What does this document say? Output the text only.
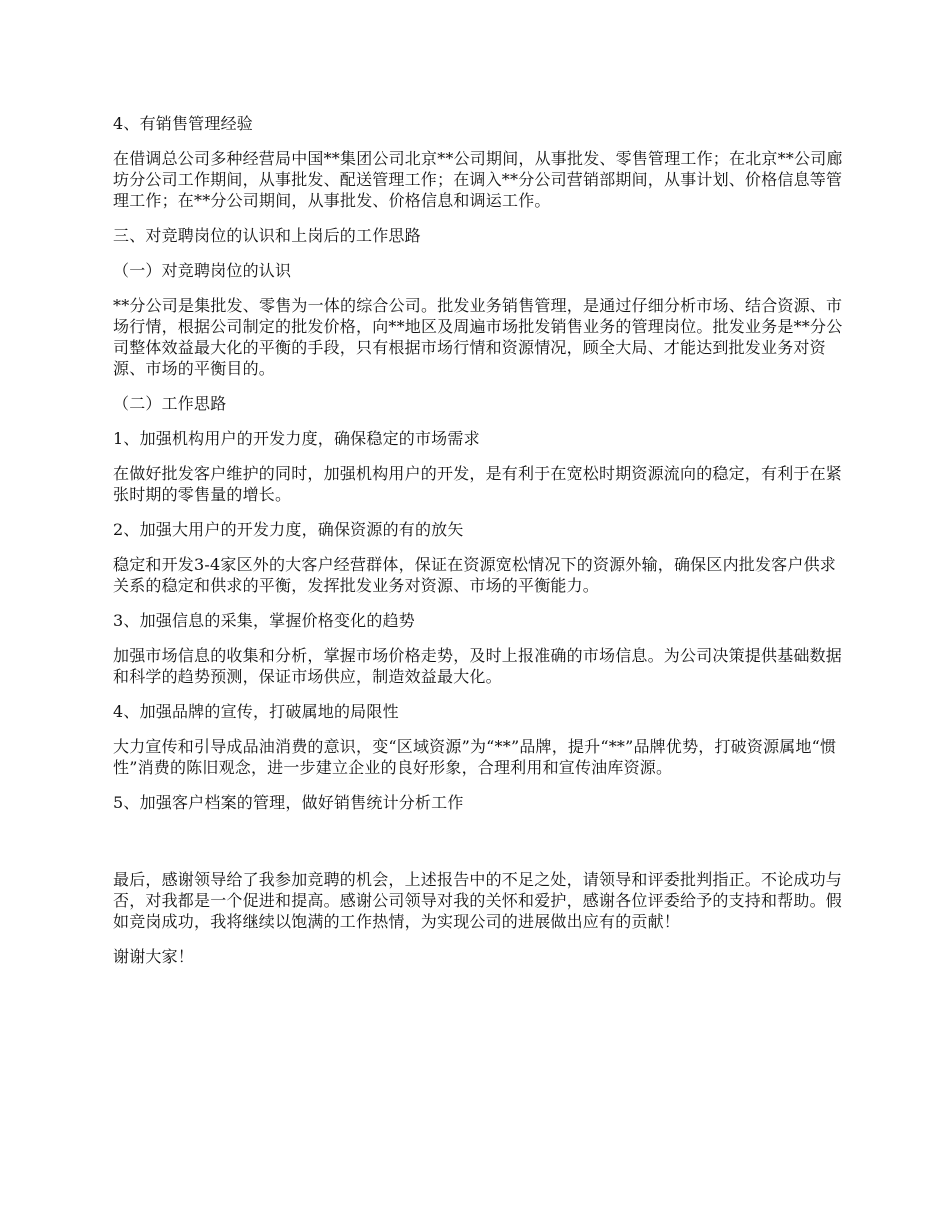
4、有销售管理经验

在借调总公司多种经营局中国**集团公司北京**公司期间，从事批发、零售管理工作；在北京**公司廊坊分公司工作期间，从事批发、配送管理工作；在调入**分公司营销部期间，从事计划、价格信息等管理工作；在**分公司期间，从事批发、价格信息和调运工作。

三、对竞聘岗位的认识和上岗后的工作思路

（一）对竞聘岗位的认识

**分公司是集批发、零售为一体的综合公司。批发业务销售管理，是通过仔细分析市场、结合资源、市场行情，根据公司制定的批发价格，向**地区及周遍市场批发销售业务的管理岗位。批发业务是**分公司整体效益最大化的平衡的手段，只有根据市场行情和资源情况，顾全大局、才能达到批发业务对资源、市场的平衡目的。

（二）工作思路

1、加强机构用户的开发力度，确保稳定的市场需求

在做好批发客户维护的同时，加强机构用户的开发，是有利于在宽松时期资源流向的稳定，有利于在紧张时期的零售量的增长。

2、加强大用户的开发力度，确保资源的有的放矢

稳定和开发3-4家区外的大客户经营群体，保证在资源宽松情况下的资源外输，确保区内批发客户供求关系的稳定和供求的平衡，发挥批发业务对资源、市场的平衡能力。

3、加强信息的采集，掌握价格变化的趋势

加强市场信息的收集和分析，掌握市场价格走势，及时上报准确的市场信息。为公司决策提供基础数据和科学的趋势预测，保证市场供应，制造效益最大化。

4、加强品牌的宣传，打破属地的局限性

大力宣传和引导成品油消费的意识，变“区域资源”为“**”品牌，提升“**”品牌优势，打破资源属地“惯性”消费的陈旧观念，进一步建立企业的良好形象，合理利用和宣传油库资源。

5、加强客户档案的管理，做好销售统计分析工作

最后，感谢领导给了我参加竞聘的机会，上述报告中的不足之处，请领导和评委批判指正。不论成功与否，对我都是一个促进和提高。感谢公司领导对我的关怀和爱护，感谢各位评委给予的支持和帮助。假如竞岗成功，我将继续以饱满的工作热情，为实现公司的进展做出应有的贡献！

谢谢大家！
